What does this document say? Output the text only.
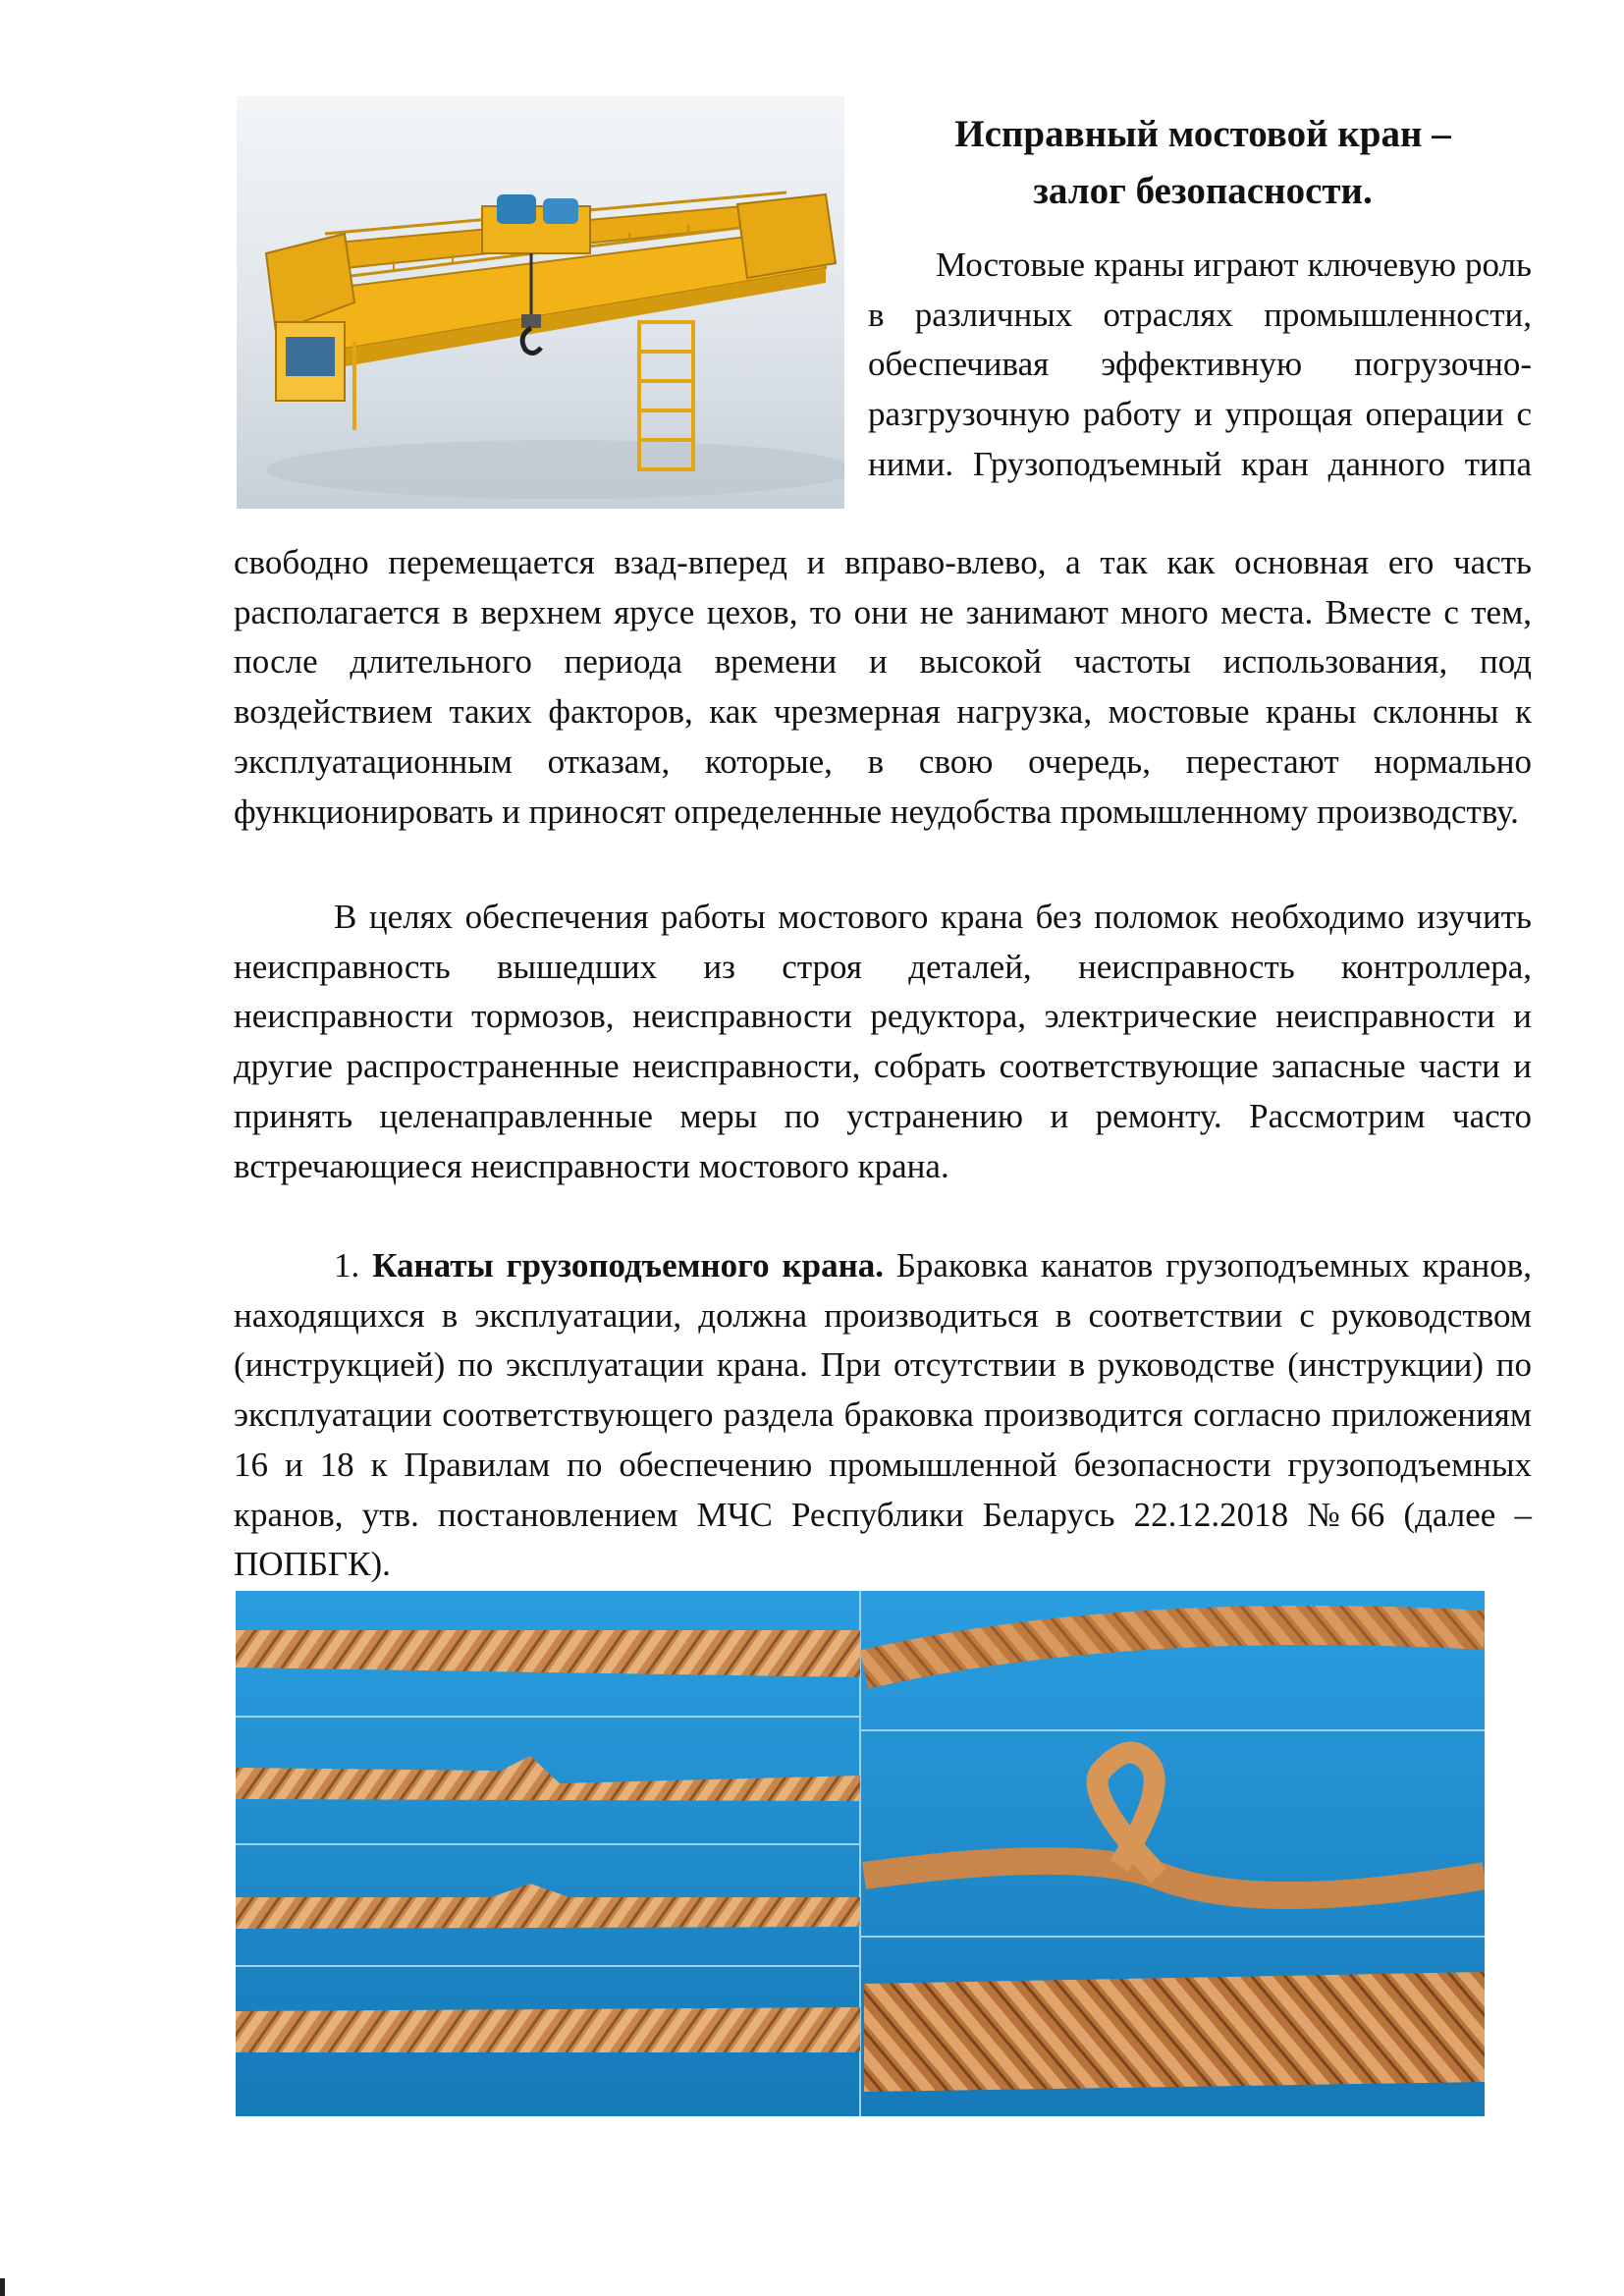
Исправный мостовой кран –
залог безопасности.

Мостовые краны играют ключевую роль в различных отраслях промышленности, обеспечивая эффективную погрузочно-разгрузочную работу и упрощая операции с ними. Грузоподъемный кран данного типа

свободно перемещается взад-вперед и вправо-влево, а так как основная его часть располагается в верхнем ярусе цехов, то они не занимают много места. Вместе с тем, после длительного периода времени и высокой частоты использования, под воздействием таких факторов, как чрезмерная нагрузка, мостовые краны склонны к эксплуатационным отказам, которые, в свою очередь, перестают нормально функционировать и приносят определенные неудобства промышленному производству.

В целях обеспечения работы мостового крана без поломок необходимо изучить неисправность вышедших из строя деталей, неисправность контроллера, неисправности тормозов, неисправности редуктора, электрические неисправности и другие распространенные неисправности, собрать соответствующие запасные части и принять целенаправленные меры по устранению и ремонту. Рассмотрим часто встречающиеся неисправности мостового крана.

1. Канаты грузоподъемного крана. Браковка канатов грузоподъемных кранов, находящихся в эксплуатации, должна производиться в соответствии с руководством (инструкцией) по эксплуатации крана. При отсутствии в руководстве (инструкции) по эксплуатации соответствующего раздела браковка производится согласно приложениям 16 и 18 к Правилам по обеспечению промышленной безопасности грузоподъемных кранов, утв. постановлением МЧС Республики Беларусь 22.12.2018 №66 (далее – ПОПБГК).
